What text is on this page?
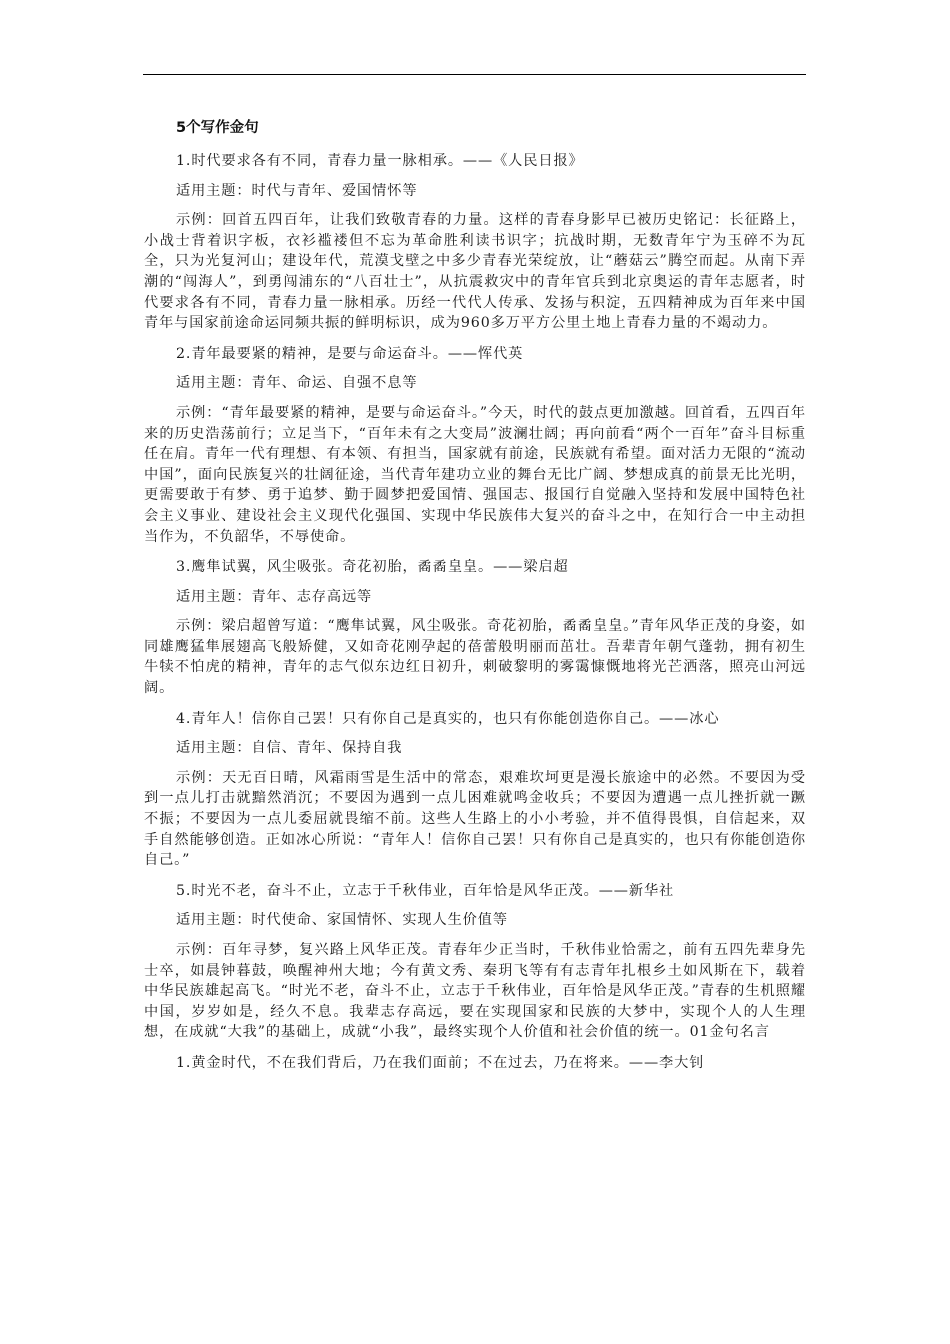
5个写作金句

1.时代要求各有不同，青春力量一脉相承。——《人民日报》

适用主题：时代与青年、爱国情怀等

示例：回首五四百年，让我们致敬青春的力量。这样的青春身影早已被历史铭记：长征路上，小战士背着识字板，衣衫褴褛但不忘为革命胜利读书识字；抗战时期，无数青年宁为玉碎不为瓦全，只为光复河山；建设年代，荒漠戈壁之中多少青春光荣绽放，让“蘑菇云”腾空而起。从南下弄潮的“闯海人”，到勇闯浦东的“八百壮士”，从抗震救灾中的青年官兵到北京奥运的青年志愿者，时代要求各有不同，青春力量一脉相承。历经一代代人传承、发扬与积淀，五四精神成为百年来中国青年与国家前途命运同频共振的鲜明标识，成为960多万平方公里土地上青春力量的不竭动力。

2.青年最要紧的精神，是要与命运奋斗。——恽代英

适用主题：青年、命运、自强不息等

示例：“青年最要紧的精神，是要与命运奋斗。”今天，时代的鼓点更加激越。回首看，五四百年来的历史浩荡前行；立足当下，“百年未有之大变局”波澜壮阔；再向前看“两个一百年”奋斗目标重任在肩。青年一代有理想、有本领、有担当，国家就有前途，民族就有希望。面对活力无限的“流动中国”，面向民族复兴的壮阔征途，当代青年建功立业的舞台无比广阔、梦想成真的前景无比光明，更需要敢于有梦、勇于追梦、勤于圆梦把爱国情、强国志、报国行自觉融入坚持和发展中国特色社会主义事业、建设社会主义现代化强国、实现中华民族伟大复兴的奋斗之中，在知行合一中主动担当作为，不负韶华，不辱使命。

3.鹰隼试翼，风尘吸张。奇花初胎，矞矞皇皇。——梁启超

适用主题：青年、志存高远等

示例：梁启超曾写道：“鹰隼试翼，风尘吸张。奇花初胎，矞矞皇皇。”青年风华正茂的身姿，如同雄鹰猛隼展翅高飞般矫健，又如奇花刚孕起的蓓蕾般明丽而茁壮。吾辈青年朝气蓬勃，拥有初生牛犊不怕虎的精神，青年的志气似东边红日初升，刺破黎明的雾霭慷慨地将光芒洒落，照亮山河远阔。

4.青年人！信你自己罢！只有你自己是真实的，也只有你能创造你自己。——冰心

适用主题：自信、青年、保持自我

示例：天无百日晴，风霜雨雪是生活中的常态，艰难坎坷更是漫长旅途中的必然。不要因为受到一点儿打击就黯然消沉；不要因为遇到一点儿困难就鸣金收兵；不要因为遭遇一点儿挫折就一蹶不振；不要因为一点儿委屈就畏缩不前。这些人生路上的小小考验，并不值得畏惧，自信起来，双手自然能够创造。正如冰心所说：“青年人！信你自己罢！只有你自己是真实的，也只有你能创造你自己。”

5.时光不老，奋斗不止，立志于千秋伟业，百年恰是风华正茂。——新华社

适用主题：时代使命、家国情怀、实现人生价值等

示例：百年寻梦，复兴路上风华正茂。青春年少正当时，千秋伟业恰需之，前有五四先辈身先士卒，如晨钟暮鼓，唤醒神州大地；今有黄文秀、秦玥飞等有有志青年扎根乡土如风斯在下，载着中华民族雄起高飞。“时光不老，奋斗不止，立志于千秋伟业，百年恰是风华正茂。”青春的生机照耀中国，岁岁如是，经久不息。我辈志存高远，要在实现国家和民族的大梦中，实现个人的人生理想，在成就“大我”的基础上，成就“小我”，最终实现个人价值和社会价值的统一。01金句名言

1.黄金时代，不在我们背后，乃在我们面前；不在过去，乃在将来。——李大钊
